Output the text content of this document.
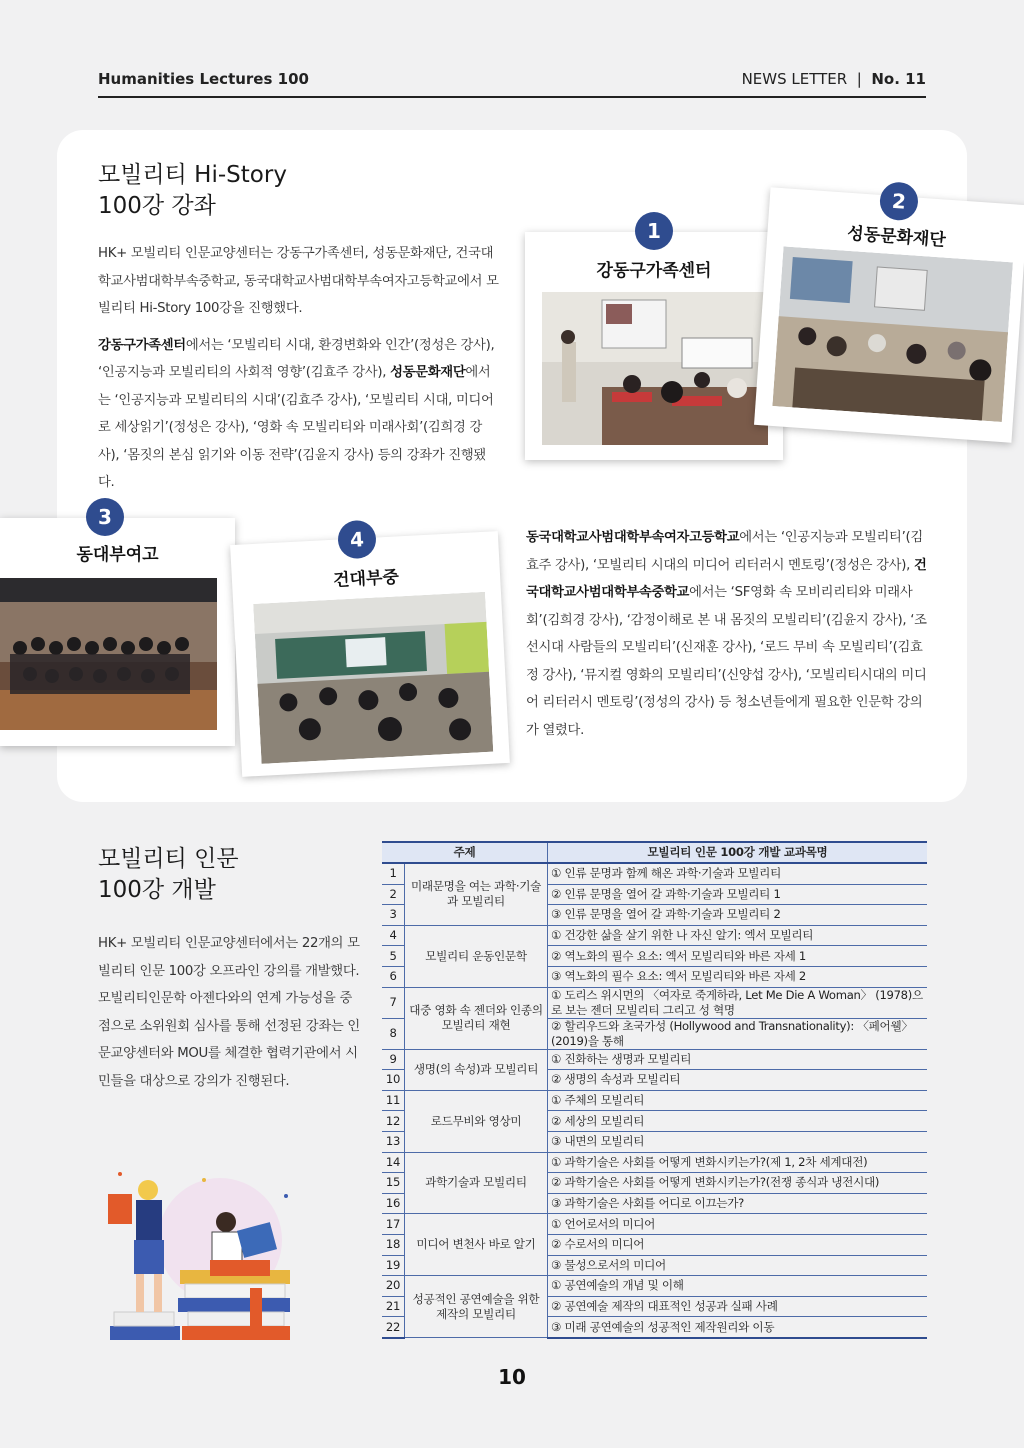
Humanities Lectures 100	NEWS LETTER | No. 11
모빌리티 Hi-Story
100강 강좌

HK+ 모빌리티 인문교양센터는 강동구가족센터, 성동문화재단, 건국대학교사범대학부속중학교, 동국대학교사범대학부속여자고등학교에서 모빌리티 Hi-Story 100강을 진행했다.

강동구가족센터에서는 ‘모빌리티 시대, 환경변화와 인간’(정성은 강사), ‘인공지능과 모빌리티의 사회적 영향’(김효주 강사), 성동문화재단에서는 ‘인공지능과 모빌리티의 시대’(김효주 강사), ‘모빌리티 시대, 미디어로 세상읽기’(정성은 강사), ‘영화 속 모빌리티와 미래사회’(김희경 강사), ‘몸짓의 본심 읽기와 이동 전략’(김윤지 강사) 등의 강좌가 진행됐다.

동국대학교사범대학부속여자고등학교에서는 ‘인공지능과 모빌리티’(김효주 강사), ‘모빌리티 시대의 미디어 리터러시 멘토링’(정성은 강사), 건국대학교사범대학부속중학교에서는 ‘SF영화 속 모비리리티와 미래사회’(김희경 강사), ‘감정이해로 본 내 몸짓의 모빌리티’(김윤지 강사), ‘조선시대 사람들의 모빌리티’(신재훈 강사), ‘로드 무비 속 모빌리티’(김효정 강사), ‘뮤지컬 영화의 모빌리티’(신양섭 강사), ‘모빌리티시대의 미디어 리터러시 멘토링’(정성의 강사) 등 청소년들에게 필요한 인문학 강의가 열렸다.

강동구가족센터
1	성동문화재단
2
동대부여고
3
건대부중
4
모빌리티 인문
100강 개발

HK+ 모빌리티 인문교양센터에서는 22개의 모빌리티 인문 100강 오프라인 강의를 개발했다. 모빌리티인문학 아젠다와의 연계 가능성을 중점으로 소위원회 심사를 통해 선정된 강좌는 인문교양센터와 MOU를 체결한 협력기관에서 시민들을 대상으로 강의가 진행된다.

주제		모빌리티 인문 100강 개발 교과목명
1	미래문명을 여는 과학·기술과 모빌리티	① 인류 문명과 함께 해온 과학·기술과 모빌리티
2		② 인류 문명을 열어 갈 과학·기술과 모빌리티 1
3		③ 인류 문명을 열어 갈 과학·기술과 모빌리티 2
4	모빌리티 운동인문학	① 건강한 삶을 살기 위한 나 자신 알기: 엑서 모빌리티
5		② 역노화의 필수 요소: 엑서 모빌리티와 바른 자세 1
6		③ 역노화의 필수 요소: 엑서 모빌리티와 바른 자세 2
7	대중 영화 속 젠더와 인종의 모빌리티 재현	① 도리스 위시먼의 〈여자로 죽게하라, Let Me Die A Woman〉 (1978)으로 보는 젠더 모빌리티 그리고 성 혁명
8		② 할리우드와 초국가성 (Hollywood and Transnationality): 〈페어웰〉 (2019)을 통해
9	생명(의 속성)과 모빌리티	① 진화하는 생명과 모빌리티
10		② 생명의 속성과 모빌리티
11	로드무비와 영상미	① 주체의 모빌리티
12		② 세상의 모빌리티
13		③ 내면의 모빌리티
14	과학기술과 모빌리티	① 과학기술은 사회를 어떻게 변화시키는가?(제 1, 2차 세계대전)
15		② 과학기술은 사회를 어떻게 변화시키는가?(전쟁 종식과 냉전시대)
16		③ 과학기술은 사회를 어디로 이끄는가?
17	미디어 변천사 바로 알기	① 언어로서의 미디어
18		② 수로서의 미디어
19		③ 물성으로서의 미디어
20	성공적인 공연예술을 위한 제작의 모빌리티	① 공연예술의 개념 및 이해
21		② 공연예술 제작의 대표적인 성공과 실패 사례
22		③ 미래 공연예술의 성공적인 제작원리와 이동
10
